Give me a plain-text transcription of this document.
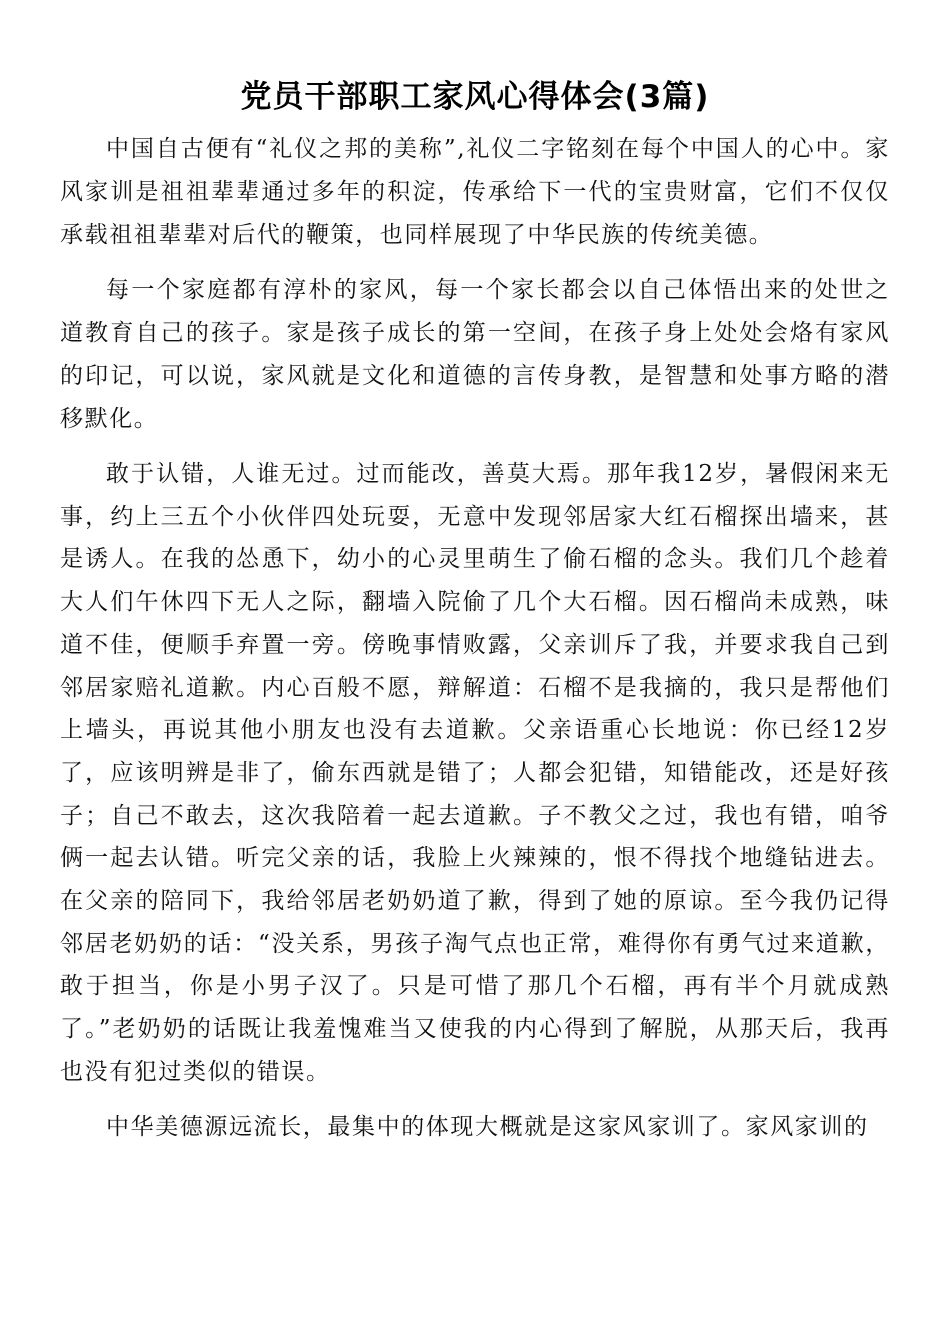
党员干部职工家风心得体会(3篇)

中国自古便有“礼仪之邦的美称”,礼仪二字铭刻在每个中国人的心中。家风家训是祖祖辈辈通过多年的积淀，传承给下一代的宝贵财富，它们不仅仅承载祖祖辈辈对后代的鞭策，也同样展现了中华民族的传统美德。

每一个家庭都有淳朴的家风，每一个家长都会以自己体悟出来的处世之道教育自己的孩子。家是孩子成长的第一空间，在孩子身上处处会烙有家风的印记，可以说，家风就是文化和道德的言传身教，是智慧和处事方略的潜移默化。

敢于认错，人谁无过。过而能改，善莫大焉。那年我12岁，暑假闲来无事，约上三五个小伙伴四处玩耍，无意中发现邻居家大红石榴探出墙来，甚是诱人。在我的怂恿下，幼小的心灵里萌生了偷石榴的念头。我们几个趁着大人们午休四下无人之际，翻墙入院偷了几个大石榴。因石榴尚未成熟，味道不佳，便顺手弃置一旁。傍晚事情败露，父亲训斥了我，并要求我自己到邻居家赔礼道歉。内心百般不愿，辩解道：石榴不是我摘的，我只是帮他们上墙头，再说其他小朋友也没有去道歉。父亲语重心长地说：你已经12岁了，应该明辨是非了，偷东西就是错了；人都会犯错，知错能改，还是好孩子；自己不敢去，这次我陪着一起去道歉。子不教父之过，我也有错，咱爷俩一起去认错。听完父亲的话，我脸上火辣辣的，恨不得找个地缝钻进去。在父亲的陪同下，我给邻居老奶奶道了歉，得到了她的原谅。至今我仍记得邻居老奶奶的话：“没关系，男孩子淘气点也正常，难得你有勇气过来道歉，敢于担当，你是小男子汉了。只是可惜了那几个石榴，再有半个月就成熟了。”老奶奶的话既让我羞愧难当又使我的内心得到了解脱，从那天后，我再也没有犯过类似的错误。

中华美德源远流长，最集中的体现大概就是这家风家训了。家风家训的
